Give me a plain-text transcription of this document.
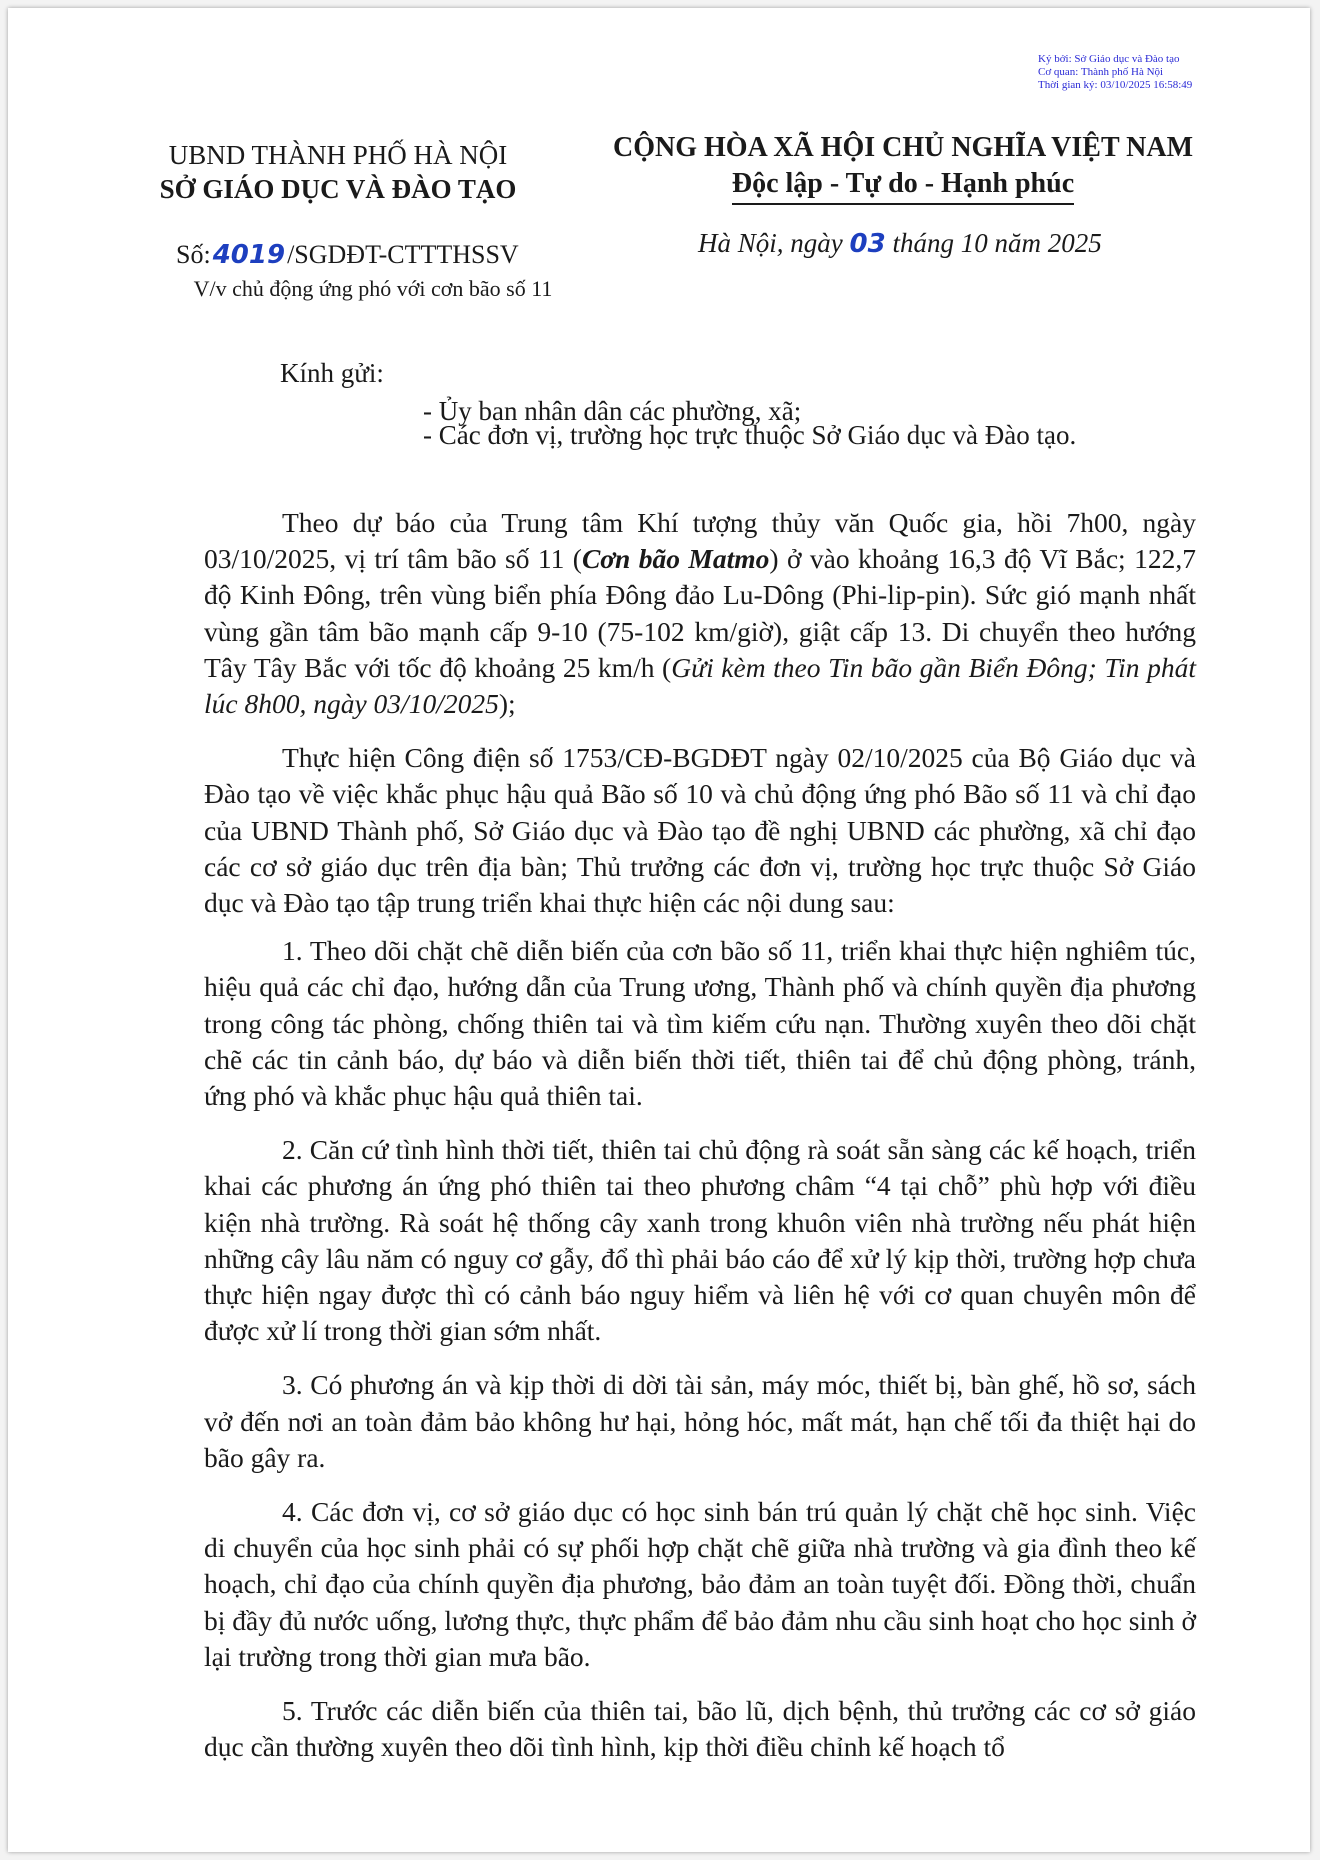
Ký bởi: Sở Giáo dục và Đào tạo
Cơ quan: Thành phố Hà Nội
Thời gian ký: 03/10/2025 16:58:49
UBND THÀNH PHỐ HÀ NỘI
SỞ GIÁO DỤC VÀ ĐÀO TẠO
CỘNG HÒA XÃ HỘI CHỦ NGHĨA VIỆT NAM
Độc lập - Tự do - Hạnh phúc
Số:4019/SGDĐT-CTTTHSSV
V/v chủ động ứng phó với cơn bão số 11
Hà Nội, ngày 03 tháng 10 năm 2025
Kính gửi:
- Ủy ban nhân dân các phường, xã;
- Các đơn vị, trường học trực thuộc Sở Giáo dục và Đào tạo.

Theo dự báo của Trung tâm Khí tượng thủy văn Quốc gia, hồi 7h00, ngày 03/10/2025, vị trí tâm bão số 11 (Cơn bão Matmo) ở vào khoảng 16,3 độ Vĩ Bắc; 122,7 độ Kinh Đông, trên vùng biển phía Đông đảo Lu-Dông (Phi-lip-pin). Sức gió mạnh nhất vùng gần tâm bão mạnh cấp 9-10 (75-102 km/giờ), giật cấp 13. Di chuyển theo hướng Tây Tây Bắc với tốc độ khoảng 25 km/h (Gửi kèm theo Tin bão gần Biển Đông; Tin phát lúc 8h00, ngày 03/10/2025);

Thực hiện Công điện số 1753/CĐ-BGDĐT ngày 02/10/2025 của Bộ Giáo dục và Đào tạo về việc khắc phục hậu quả Bão số 10 và chủ động ứng phó Bão số 11 và chỉ đạo của UBND Thành phố, Sở Giáo dục và Đào tạo đề nghị UBND các phường, xã chỉ đạo các cơ sở giáo dục trên địa bàn; Thủ trưởng các đơn vị, trường học trực thuộc Sở Giáo dục và Đào tạo tập trung triển khai thực hiện các nội dung sau:

1. Theo dõi chặt chẽ diễn biến của cơn bão số 11, triển khai thực hiện nghiêm túc, hiệu quả các chỉ đạo, hướng dẫn của Trung ương, Thành phố và chính quyền địa phương trong công tác phòng, chống thiên tai và tìm kiếm cứu nạn. Thường xuyên theo dõi chặt chẽ các tin cảnh báo, dự báo và diễn biến thời tiết, thiên tai để chủ động phòng, tránh, ứng phó và khắc phục hậu quả thiên tai.

2. Căn cứ tình hình thời tiết, thiên tai chủ động rà soát sẵn sàng các kế hoạch, triển khai các phương án ứng phó thiên tai theo phương châm “4 tại chỗ” phù hợp với điều kiện nhà trường. Rà soát hệ thống cây xanh trong khuôn viên nhà trường nếu phát hiện những cây lâu năm có nguy cơ gẫy, đổ thì phải báo cáo để xử lý kịp thời, trường hợp chưa thực hiện ngay được thì có cảnh báo nguy hiểm và liên hệ với cơ quan chuyên môn để được xử lí trong thời gian sớm nhất.

3. Có phương án và kịp thời di dời tài sản, máy móc, thiết bị, bàn ghế, hồ sơ, sách vở đến nơi an toàn đảm bảo không hư hại, hỏng hóc, mất mát, hạn chế tối đa thiệt hại do bão gây ra.

4. Các đơn vị, cơ sở giáo dục có học sinh bán trú quản lý chặt chẽ học sinh. Việc di chuyển của học sinh phải có sự phối hợp chặt chẽ giữa nhà trường và gia đình theo kế hoạch, chỉ đạo của chính quyền địa phương, bảo đảm an toàn tuyệt đối. Đồng thời, chuẩn bị đầy đủ nước uống, lương thực, thực phẩm để bảo đảm nhu cầu sinh hoạt cho học sinh ở lại trường trong thời gian mưa bão.

5. Trước các diễn biến của thiên tai, bão lũ, dịch bệnh, thủ trưởng các cơ sở giáo dục cần thường xuyên theo dõi tình hình, kịp thời điều chỉnh kế hoạch tổ
